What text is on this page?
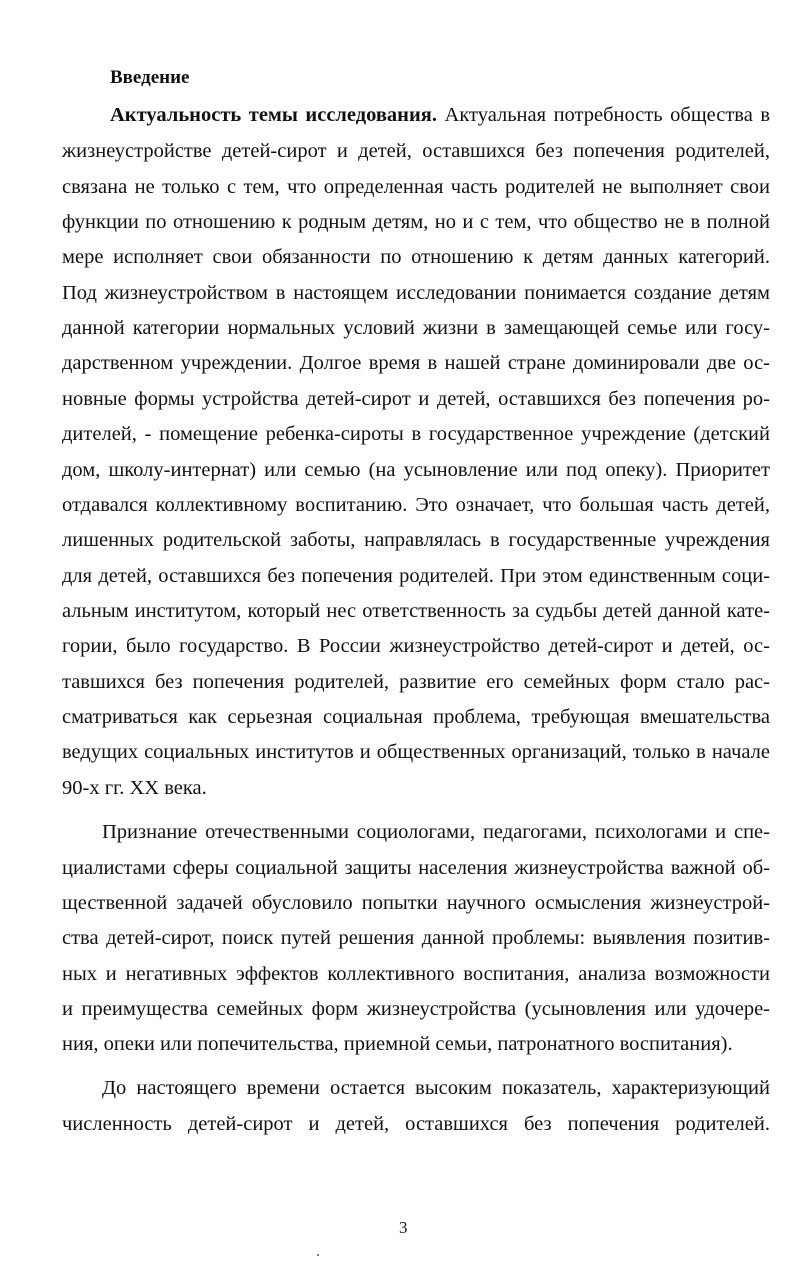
Введение
Актуальность темы исследования. Актуальная потребность общества в
жизнеустройстве детей-сирот и детей, оставшихся без попечения родителей,
связана не только с тем, что определенная часть родителей не выполняет свои
функции по отношению к родным детям, но и с тем, что общество не в полной
мере исполняет свои обязанности по отношению к детям данных категорий.
Под жизнеустройством в настоящем исследовании понимается создание детям
данной категории нормальных условий жизни в замещающей семье или госу-
дарственном учреждении. Долгое время в нашей стране доминировали две ос-
новные формы устройства детей-сирот и детей, оставшихся без попечения ро-
дителей, - помещение ребенка-сироты в государственное учреждение (детский
дом, школу-интернат) или семью (на усыновление или под опеку). Приоритет
отдавался коллективному воспитанию. Это означает, что большая часть детей,
лишенных родительской заботы, направлялась в государственные учреждения
для детей, оставшихся без попечения родителей. При этом единственным соци-
альным институтом, который нес ответственность за судьбы детей данной кате-
гории, было государство. В России жизнеустройство детей-сирот и детей, ос-
тавшихся без попечения родителей, развитие его семейных форм стало рас-
сматриваться как серьезная социальная проблема, требующая вмешательства
ведущих социальных институтов и общественных организаций, только в начале
90-х гг. XX века.
Признание отечественными социологами, педагогами, психологами и спе-
циалистами сферы социальной защиты населения жизнеустройства важной об-
щественной задачей обусловило попытки научного осмысления жизнеустрой-
ства детей-сирот, поиск путей решения данной проблемы: выявления позитив-
ных и негативных эффектов коллективного воспитания, анализа возможности
и преимущества семейных форм жизнеустройства (усыновления или удочере-
ния, опеки или попечительства, приемной семьи, патронатного воспитания).
До настоящего времени остается высоким показатель, характеризующий
численность детей-сирот и детей, оставшихся без попечения родителей.
3
